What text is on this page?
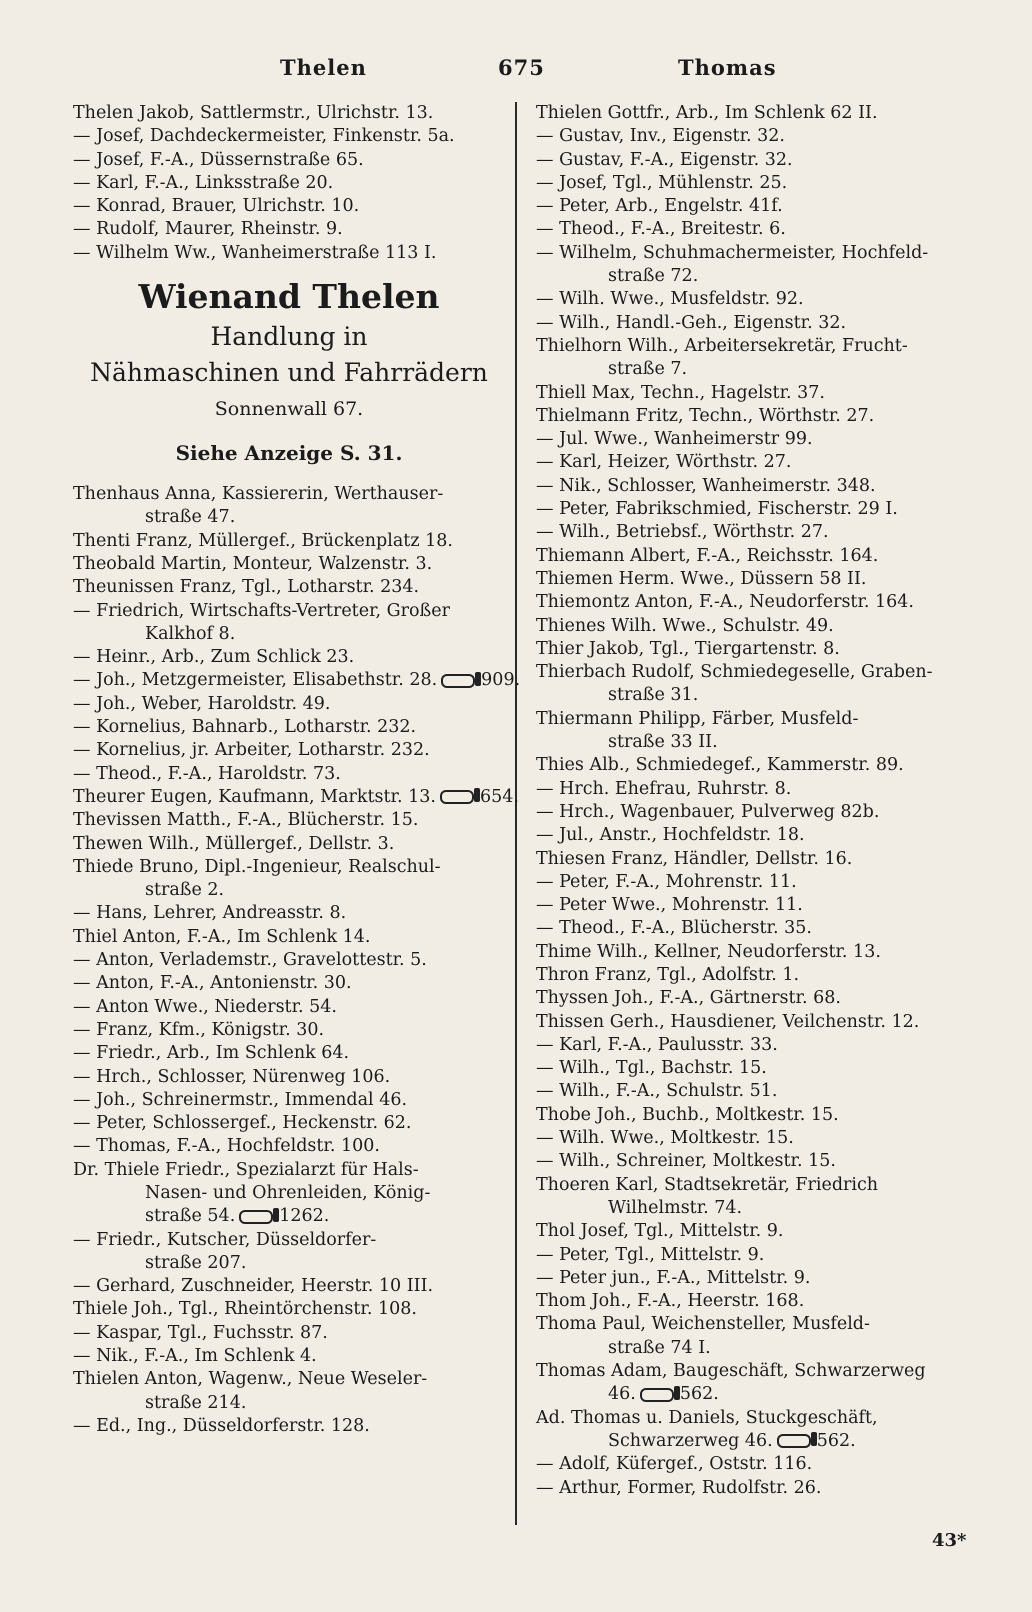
Thelen	675	Thomas
Thelen Jakob, Sattlermstr., Ulrichstr. 13.
— Josef, Dachdeckermeister, Finkenstr. 5a.
— Josef, F.-A., Düssernstraße 65.
— Karl, F.-A., Linksstraße 20.
— Konrad, Brauer, Ulrichstr. 10.
— Rudolf, Maurer, Rheinstr. 9.
— Wilhelm Ww., Wanheimerstraße 113 I.
Wienand Thelen
Handlung in
Nähmaschinen und Fahrrädern
Sonnenwall 67.
Siehe Anzeige S. 31.
Thenhaus Anna, Kassiererin, Werthauser-
straße 47.
Thenti Franz, Müllergef., Brückenplatz 18.
Theobald Martin, Monteur, Walzenstr. 3.
Theunissen Franz, Tgl., Lotharstr. 234.
— Friedrich, Wirtschafts-Vertreter, Großer
Kalkhof 8.
— Heinr., Arb., Zum Schlick 23.
— Joh., Metzgermeister, Elisabethstr. 28.	909.
— Joh., Weber, Haroldstr. 49.
— Kornelius, Bahnarb., Lotharstr. 232.
— Kornelius, jr. Arbeiter, Lotharstr. 232.
— Theod., F.-A., Haroldstr. 73.
Theurer Eugen, Kaufmann, Marktstr. 13.	654.
Thevissen Matth., F.-A., Blücherstr. 15.
Thewen Wilh., Müllergef., Dellstr. 3.
Thiede Bruno, Dipl.-Ingenieur, Realschul-
straße 2.
— Hans, Lehrer, Andreasstr. 8.
Thiel Anton, F.-A., Im Schlenk 14.
— Anton, Verlademstr., Gravelottestr. 5.
— Anton, F.-A., Antonienstr. 30.
— Anton Wwe., Niederstr. 54.
— Franz, Kfm., Königstr. 30.
— Friedr., Arb., Im Schlenk 64.
— Hrch., Schlosser, Nürenweg 106.
— Joh., Schreinermstr., Immendal 46.
— Peter, Schlossergef., Heckenstr. 62.
— Thomas, F.-A., Hochfeldstr. 100.
Dr. Thiele Friedr., Spezialarzt für Hals-
Nasen- und Ohrenleiden, König-
straße 54.	1262.
— Friedr., Kutscher, Düsseldorfer-
straße 207.
— Gerhard, Zuschneider, Heerstr. 10 III.
Thiele Joh., Tgl., Rheintörchenstr. 108.
— Kaspar, Tgl., Fuchsstr. 87.
— Nik., F.-A., Im Schlenk 4.
Thielen Anton, Wagenw., Neue Weseler-
straße 214.
— Ed., Ing., Düsseldorferstr. 128.
Thielen Gottfr., Arb., Im Schlenk 62 II.
— Gustav, Inv., Eigenstr. 32.
— Gustav, F.-A., Eigenstr. 32.
— Josef, Tgl., Mühlenstr. 25.
— Peter, Arb., Engelstr. 41f.
— Theod., F.-A., Breitestr. 6.
— Wilhelm, Schuhmachermeister, Hochfeld-
straße 72.
— Wilh. Wwe., Musfeldstr. 92.
— Wilh., Handl.-Geh., Eigenstr. 32.
Thielhorn Wilh., Arbeitersekretär, Frucht-
straße 7.
Thiell Max, Techn., Hagelstr. 37.
Thielmann Fritz, Techn., Wörthstr. 27.
— Jul. Wwe., Wanheimerstr 99.
— Karl, Heizer, Wörthstr. 27.
— Nik., Schlosser, Wanheimerstr. 348.
— Peter, Fabrikschmied, Fischerstr. 29 I.
— Wilh., Betriebsf., Wörthstr. 27.
Thiemann Albert, F.-A., Reichsstr. 164.
Thiemen Herm. Wwe., Düssern 58 II.
Thiemontz Anton, F.-A., Neudorferstr. 164.
Thienes Wilh. Wwe., Schulstr. 49.
Thier Jakob, Tgl., Tiergartenstr. 8.
Thierbach Rudolf, Schmiedegeselle, Graben-
straße 31.
Thiermann Philipp, Färber, Musfeld-
straße 33 II.
Thies Alb., Schmiedegef., Kammerstr. 89.
— Hrch. Ehefrau, Ruhrstr. 8.
— Hrch., Wagenbauer, Pulverweg 82b.
— Jul., Anstr., Hochfeldstr. 18.
Thiesen Franz, Händler, Dellstr. 16.
— Peter, F.-A., Mohrenstr. 11.
— Peter Wwe., Mohrenstr. 11.
— Theod., F.-A., Blücherstr. 35.
Thime Wilh., Kellner, Neudorferstr. 13.
Thron Franz, Tgl., Adolfstr. 1.
Thyssen Joh., F.-A., Gärtnerstr. 68.
Thissen Gerh., Hausdiener, Veilchenstr. 12.
— Karl, F.-A., Paulusstr. 33.
— Wilh., Tgl., Bachstr. 15.
— Wilh., F.-A., Schulstr. 51.
Thobe Joh., Buchb., Moltkestr. 15.
— Wilh. Wwe., Moltkestr. 15.
— Wilh., Schreiner, Moltkestr. 15.
Thoeren Karl, Stadtsekretär, Friedrich
Wilhelmstr. 74.
Thol Josef, Tgl., Mittelstr. 9.
— Peter, Tgl., Mittelstr. 9.
— Peter jun., F.-A., Mittelstr. 9.
Thom Joh., F.-A., Heerstr. 168.
Thoma Paul, Weichensteller, Musfeld-
straße 74 I.
Thomas Adam, Baugeschäft, Schwarzerweg
46.	562.
Ad. Thomas u. Daniels, Stuckgeschäft,
Schwarzerweg 46.	562.
— Adolf, Küfergef., Oststr. 116.
— Arthur, Former, Rudolfstr. 26.
43*
